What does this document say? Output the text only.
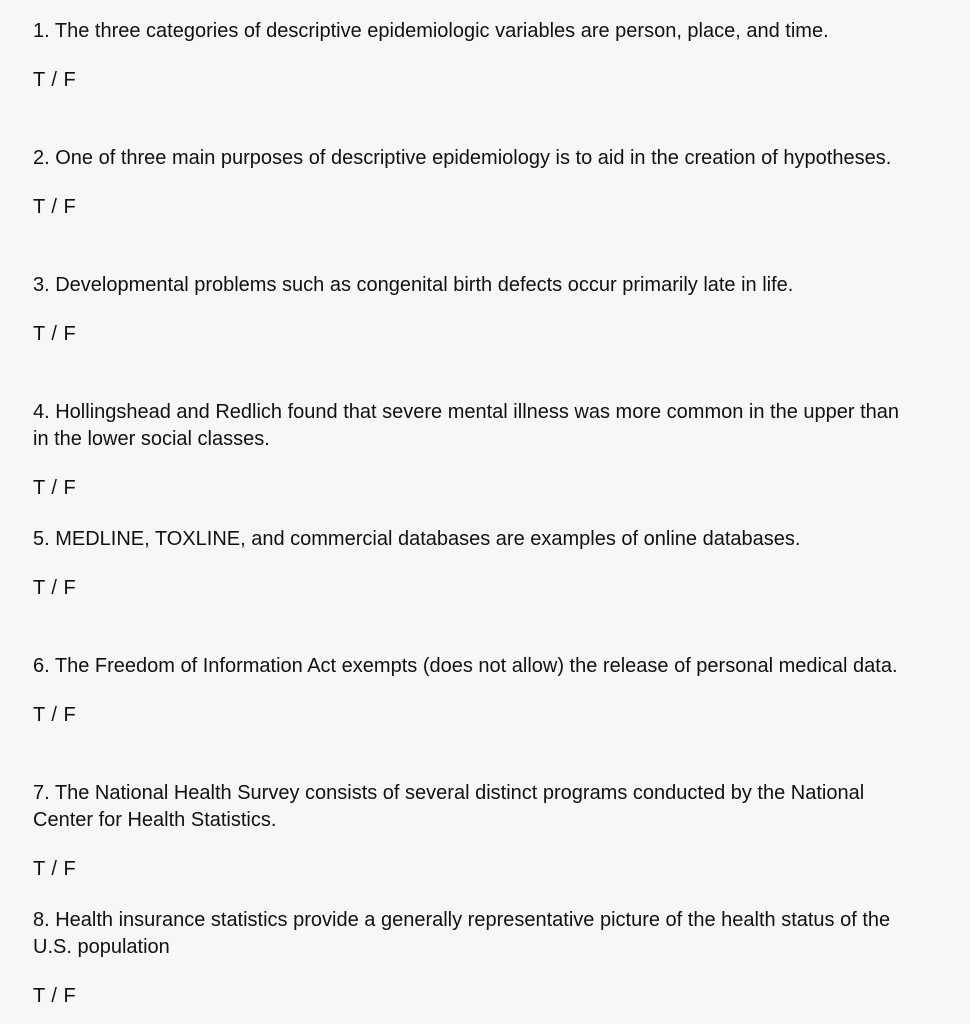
1. The three categories of descriptive epidemiologic variables are person, place, and time.

T / F

2. One of three main purposes of descriptive epidemiology is to aid in the creation of hypotheses.

T / F

3. Developmental problems such as congenital birth defects occur primarily late in life.

T / F

4. Hollingshead and Redlich found that severe mental illness was more common in the upper than in the lower social classes.

T / F

5. MEDLINE, TOXLINE, and commercial databases are examples of online databases.

T / F

6. The Freedom of Information Act exempts (does not allow) the release of personal medical data.

T / F

7. The National Health Survey consists of several distinct programs conducted by the National Center for Health Statistics.

T / F

8. Health insurance statistics provide a generally representative picture of the health status of the U.S. population

T / F
